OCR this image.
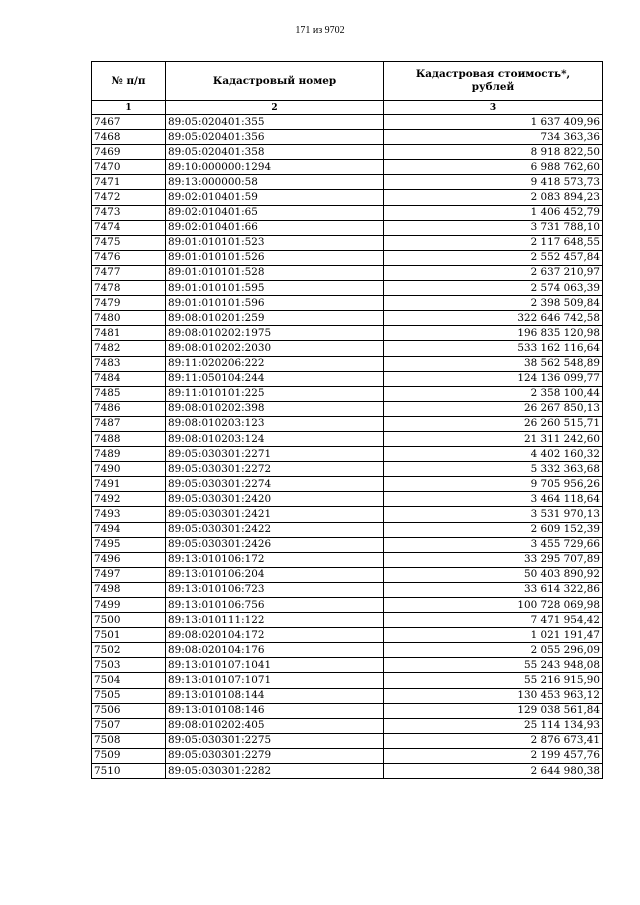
171 из 9702
№ п/п	Кадастровый номер	Кадастровая стоимость*,
рублей
1	2	3
7467	89:05:020401:355	1 637 409,96
7468	89:05:020401:356	734 363,36
7469	89:05:020401:358	8 918 822,50
7470	89:10:000000:1294	6 988 762,60
7471	89:13:000000:58	9 418 573,73
7472	89:02:010401:59	2 083 894,23
7473	89:02:010401:65	1 406 452,79
7474	89:02:010401:66	3 731 788,10
7475	89:01:010101:523	2 117 648,55
7476	89:01:010101:526	2 552 457,84
7477	89:01:010101:528	2 637 210,97
7478	89:01:010101:595	2 574 063,39
7479	89:01:010101:596	2 398 509,84
7480	89:08:010201:259	322 646 742,58
7481	89:08:010202:1975	196 835 120,98
7482	89:08:010202:2030	533 162 116,64
7483	89:11:020206:222	38 562 548,89
7484	89:11:050104:244	124 136 099,77
7485	89:11:010101:225	2 358 100,44
7486	89:08:010202:398	26 267 850,13
7487	89:08:010203:123	26 260 515,71
7488	89:08:010203:124	21 311 242,60
7489	89:05:030301:2271	4 402 160,32
7490	89:05:030301:2272	5 332 363,68
7491	89:05:030301:2274	9 705 956,26
7492	89:05:030301:2420	3 464 118,64
7493	89:05:030301:2421	3 531 970,13
7494	89:05:030301:2422	2 609 152,39
7495	89:05:030301:2426	3 455 729,66
7496	89:13:010106:172	33 295 707,89
7497	89:13:010106:204	50 403 890,92
7498	89:13:010106:723	33 614 322,86
7499	89:13:010106:756	100 728 069,98
7500	89:13:010111:122	7 471 954,42
7501	89:08:020104:172	1 021 191,47
7502	89:08:020104:176	2 055 296,09
7503	89:13:010107:1041	55 243 948,08
7504	89:13:010107:1071	55 216 915,90
7505	89:13:010108:144	130 453 963,12
7506	89:13:010108:146	129 038 561,84
7507	89:08:010202:405	25 114 134,93
7508	89:05:030301:2275	2 876 673,41
7509	89:05:030301:2279	2 199 457,76
7510	89:05:030301:2282	2 644 980,38
